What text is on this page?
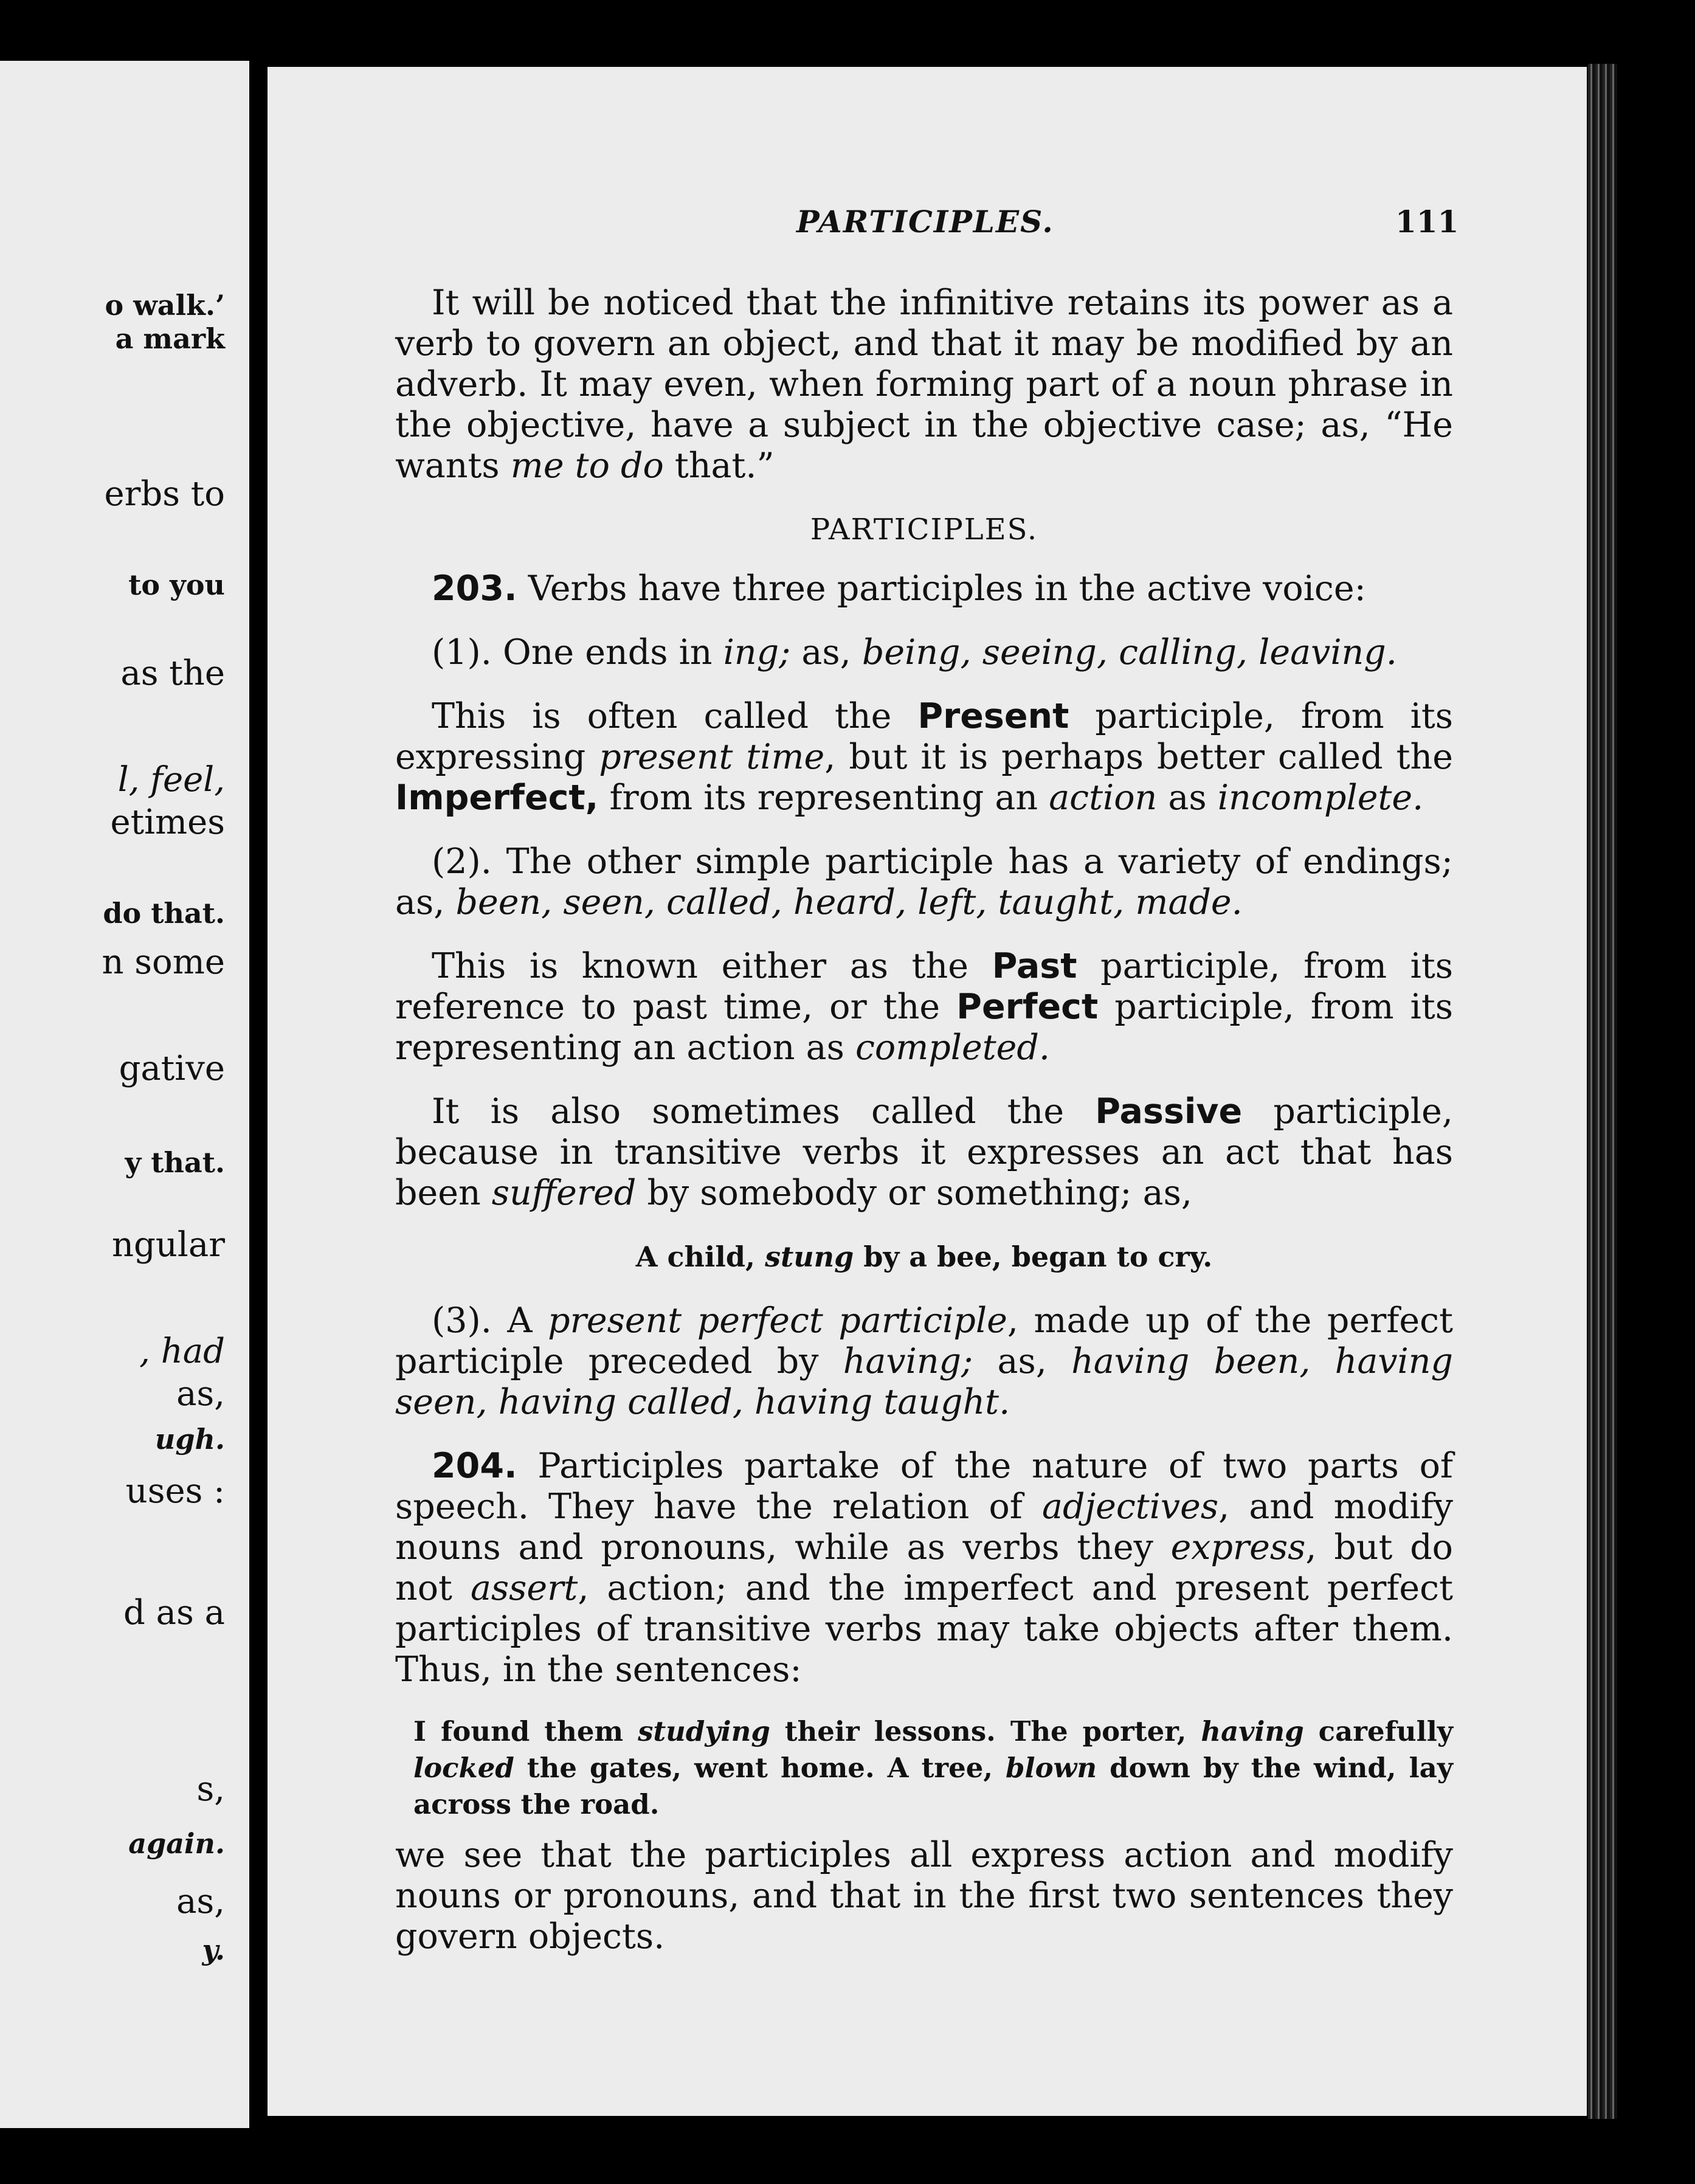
o walk.’
a mark
erbs to
to you
as the
l, feel,
etimes
do that.
n some
gative
y that.
ngular
, had
as,
ugh.
uses :
d as a
s,
again.
as,
y.
PARTICIPLES.	111

It will be noticed that the infinitive retains its power as a verb to govern an object, and that it may be modified by an adverb. It may even, when forming part of a noun phrase in the objective, have a subject in the objective case; as, “He wants me to do that.”

PARTICIPLES.

203. Verbs have three participles in the active voice:

(1). One ends in ing; as, being, seeing, calling, leaving.

This is often called the Present participle, from its expressing present time, but it is perhaps better called the Imperfect, from its representing an action as incomplete.

(2). The other simple participle has a variety of endings; as, been, seen, called, heard, left, taught, made.

This is known either as the Past participle, from its reference to past time, or the Perfect participle, from its representing an action as completed.

It is also sometimes called the Passive participle, because in transitive verbs it expresses an act that has been suffered by somebody or something; as,

A child, stung by a bee, began to cry.

(3). A present perfect participle, made up of the perfect participle preceded by having; as, having been, having seen, having called, having taught.

204. Participles partake of the nature of two parts of speech. They have the relation of adjectives, and modify nouns and pronouns, while as verbs they express, but do not assert, action; and the imperfect and present perfect participles of transitive verbs may take objects after them. Thus, in the sentences:

I found them studying their lessons. The porter, having carefully locked the gates, went home. A tree, blown down by the wind, lay across the road.

we see that the participles all express action and modify nouns or pronouns, and that in the first two sentences they govern objects.
